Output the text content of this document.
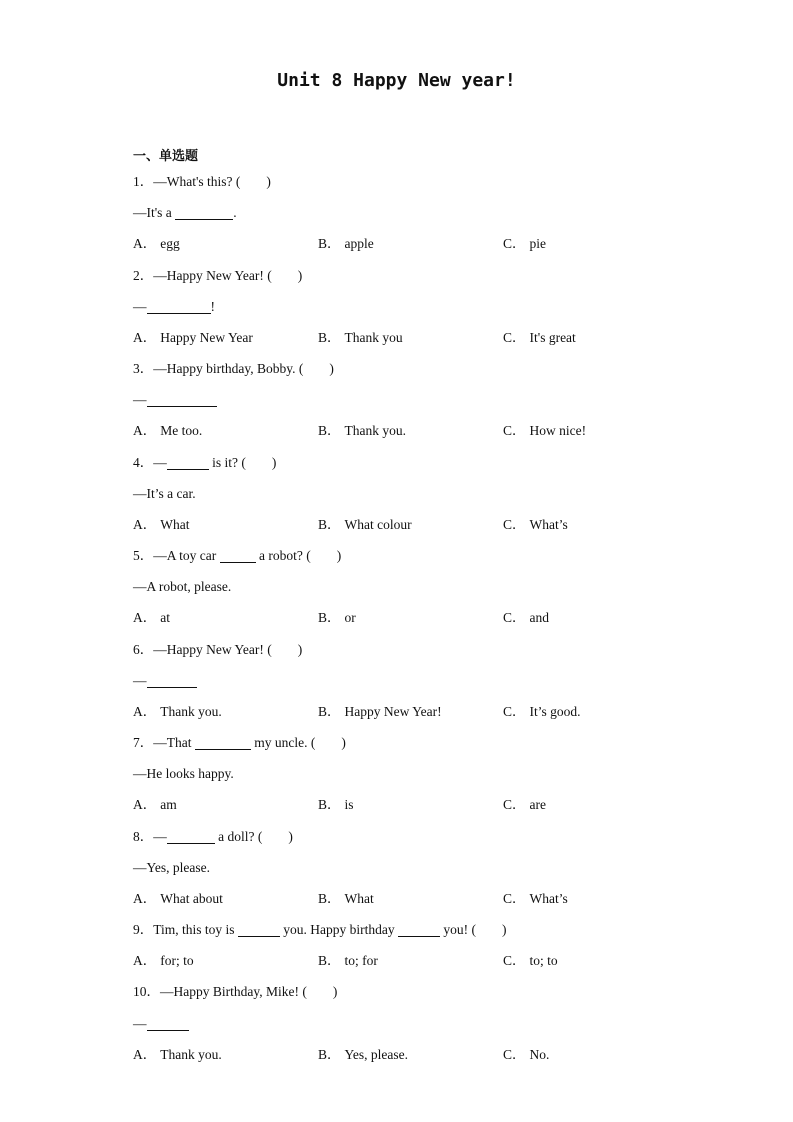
Unit 8 Happy New year!
一、单选题
1．—What's this? ( )
—It's a	.
A． egg	B． apple	C． pie
2．—Happy New Year! ( )
—	!
A． Happy New Year	B． Thank you	C． It's great
3．—Happy birthday, Bobby. ( )
—
A． Me too.	B． Thank you.	C． How nice!
4．—	is it? ( )
—It’s a car.
A． What	B． What colour	C． What’s
5．—A toy car	a robot? ( )
—A robot, please.
A． at	B． or	C． and
6．—Happy New Year! ( )
—
A． Thank you.	B． Happy New Year!	C． It’s good.
7．—That	my uncle. ( )
—He looks happy.
A． am	B． is	C． are
8．—	a doll? ( )
—Yes, please.
A． What about	B． What	C． What’s
9．Tim, this toy is	you. Happy birthday	you! ( )
A． for; to	B． to; for	C． to; to
10．—Happy Birthday, Mike! ( )
—
A． Thank you.	B． Yes, please.	C． No.
